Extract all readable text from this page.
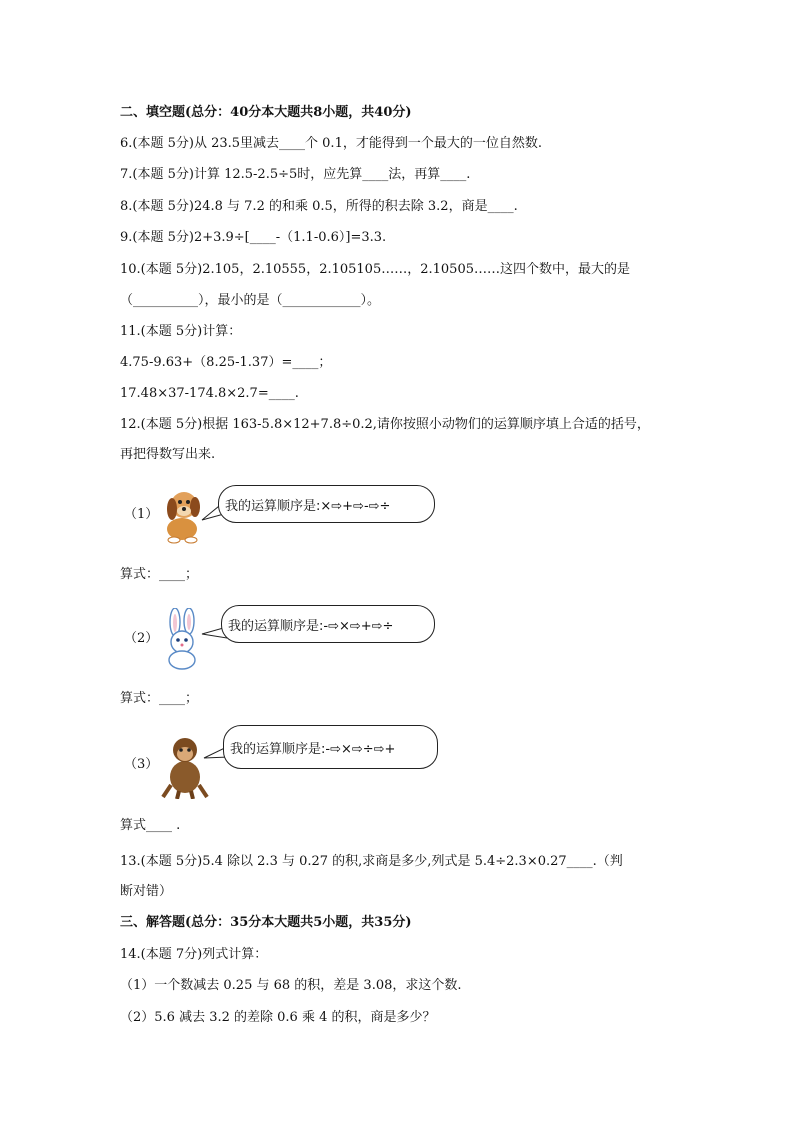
二、填空题(总分：40分本大题共8小题，共40分)
6.(本题 5分)从 23.5里减去____个 0.1，才能得到一个最大的一位自然数.
7.(本题 5分)计算 12.5-2.5÷5时，应先算____法，再算____.
8.(本题 5分)24.8 与 7.2 的和乘 0.5，所得的积去除 3.2，商是____.
9.(本题 5分)2+3.9÷[____-（1.1-0.6）]=3.3.
10.(本题 5分)2.105，2.10555，2.105105……，2.10505……这四个数中，最大的是
（__________），最小的是（____________）。
11.(本题 5分)计算：
4.75-9.63+（8.25-1.37）=____；
17.48×37-174.8×2.7=____.
12.(本题 5分)根据 163-5.8×12+7.8÷0.2,请你按照小动物们的运算顺序填上合适的括号，
再把得数写出来.
（1）
我的运算顺序是:×⇨+⇨-⇨÷
算式：____；
（2）
我的运算顺序是:-⇨×⇨+⇨÷
算式：____；
（3）
我的运算顺序是:-⇨×⇨÷⇨+
算式____ .
13.(本题 5分)5.4 除以 2.3 与 0.27 的积,求商是多少,列式是 5.4÷2.3×0.27____.（判
断对错）
三、解答题(总分：35分本大题共5小题，共35分)
14.(本题 7分)列式计算：
（1）一个数减去 0.25 与 68 的积，差是 3.08，求这个数.
（2）5.6 减去 3.2 的差除 0.6 乘 4 的积，商是多少？
